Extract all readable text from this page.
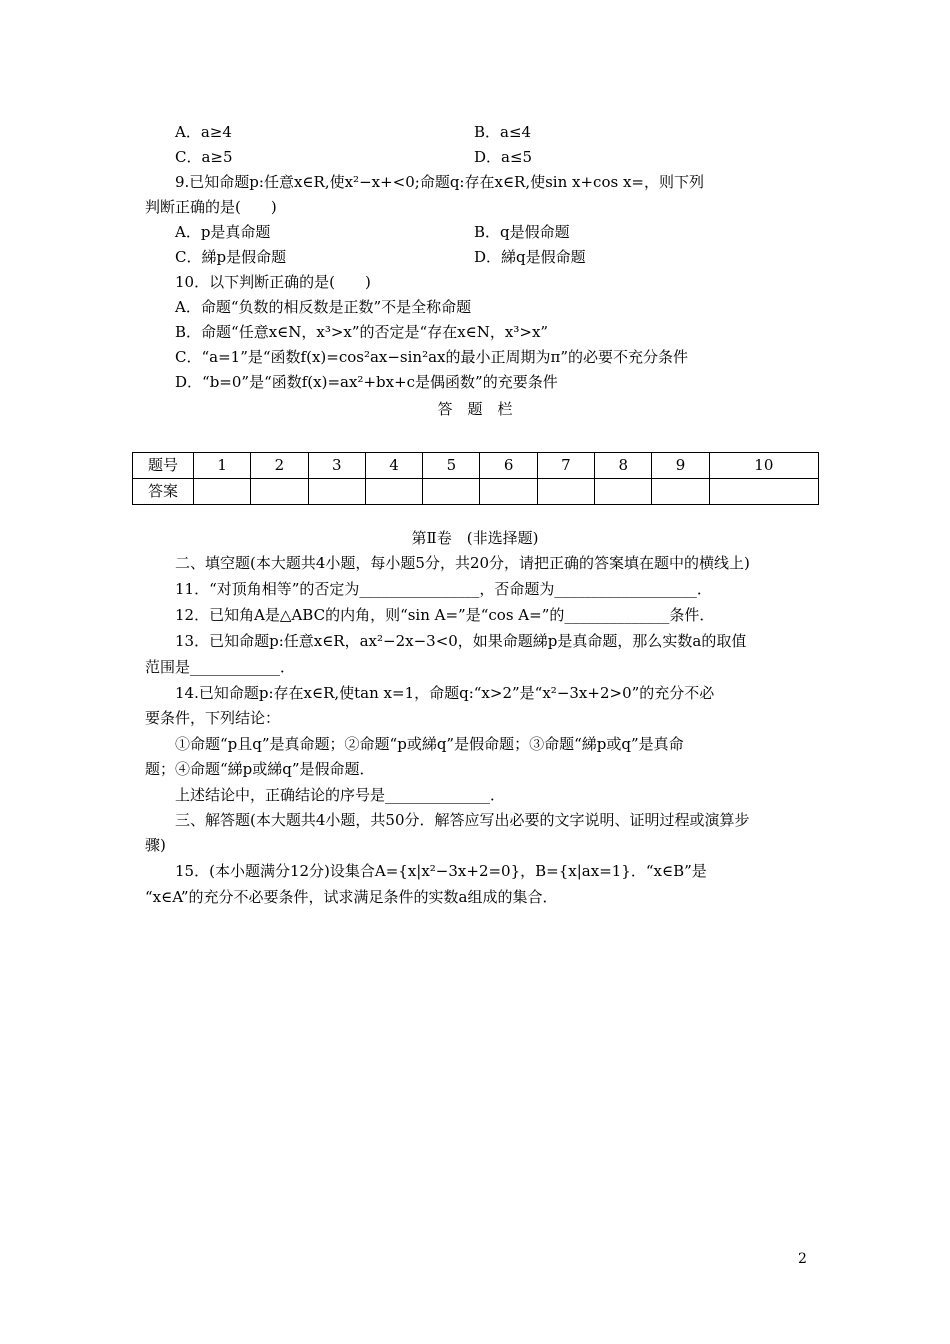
A．a≥4	B．a≤4
C．a≥5	D．a≤5
9.已知命题p:任意x∈R,使x²−x+<0;命题q:存在x∈R,使sin x+cos x=，则下列
判断正确的是(　　)
A．p是真命题	B．q是假命题
C．綈p是假命题	D．綈q是假命题
10．以下判断正确的是(　　)
A．命题“负数的相反数是正数”不是全称命题
B．命题“任意x∈N，x³>x”的否定是“存在x∈N，x³>x”
C．“a=1”是“函数f(x)=cos²ax−sin²ax的最小正周期为π”的必要不充分条件
D．“b=0”是“函数f(x)=ax²+bx+c是偶函数”的充要条件
答　题　栏
题号	1	2	3	4	5	6	7	8	9	10
答案										
第Ⅱ卷　(非选择题)
二、填空题(本大题共4小题，每小题5分，共20分，请把正确的答案填在题中的横线上)
11．“对顶角相等”的否定为________________，否命题为___________________．
12．已知角A是△ABC的内角，则“sin A=”是“cos A=”的______________条件．
13．已知命题p:任意x∈R，ax²−2x−3<0，如果命题綈p是真命题，那么实数a的取值
范围是____________．
14.已知命题p:存在x∈R,使tan x=1，命题q:“x>2”是“x²−3x+2>0”的充分不必
要条件，下列结论：
①命题“p且q”是真命题；②命题“p或綈q”是假命题；③命题“綈p或q”是真命
题；④命题“綈p或綈q”是假命题．
上述结论中，正确结论的序号是______________．
三、解答题(本大题共4小题，共50分．解答应写出必要的文字说明、证明过程或演算步
骤)
15．(本小题满分12分)设集合A={x|x²−3x+2=0}，B={x|ax=1}．“x∈B”是
“x∈A”的充分不必要条件，试求满足条件的实数a组成的集合．
2
